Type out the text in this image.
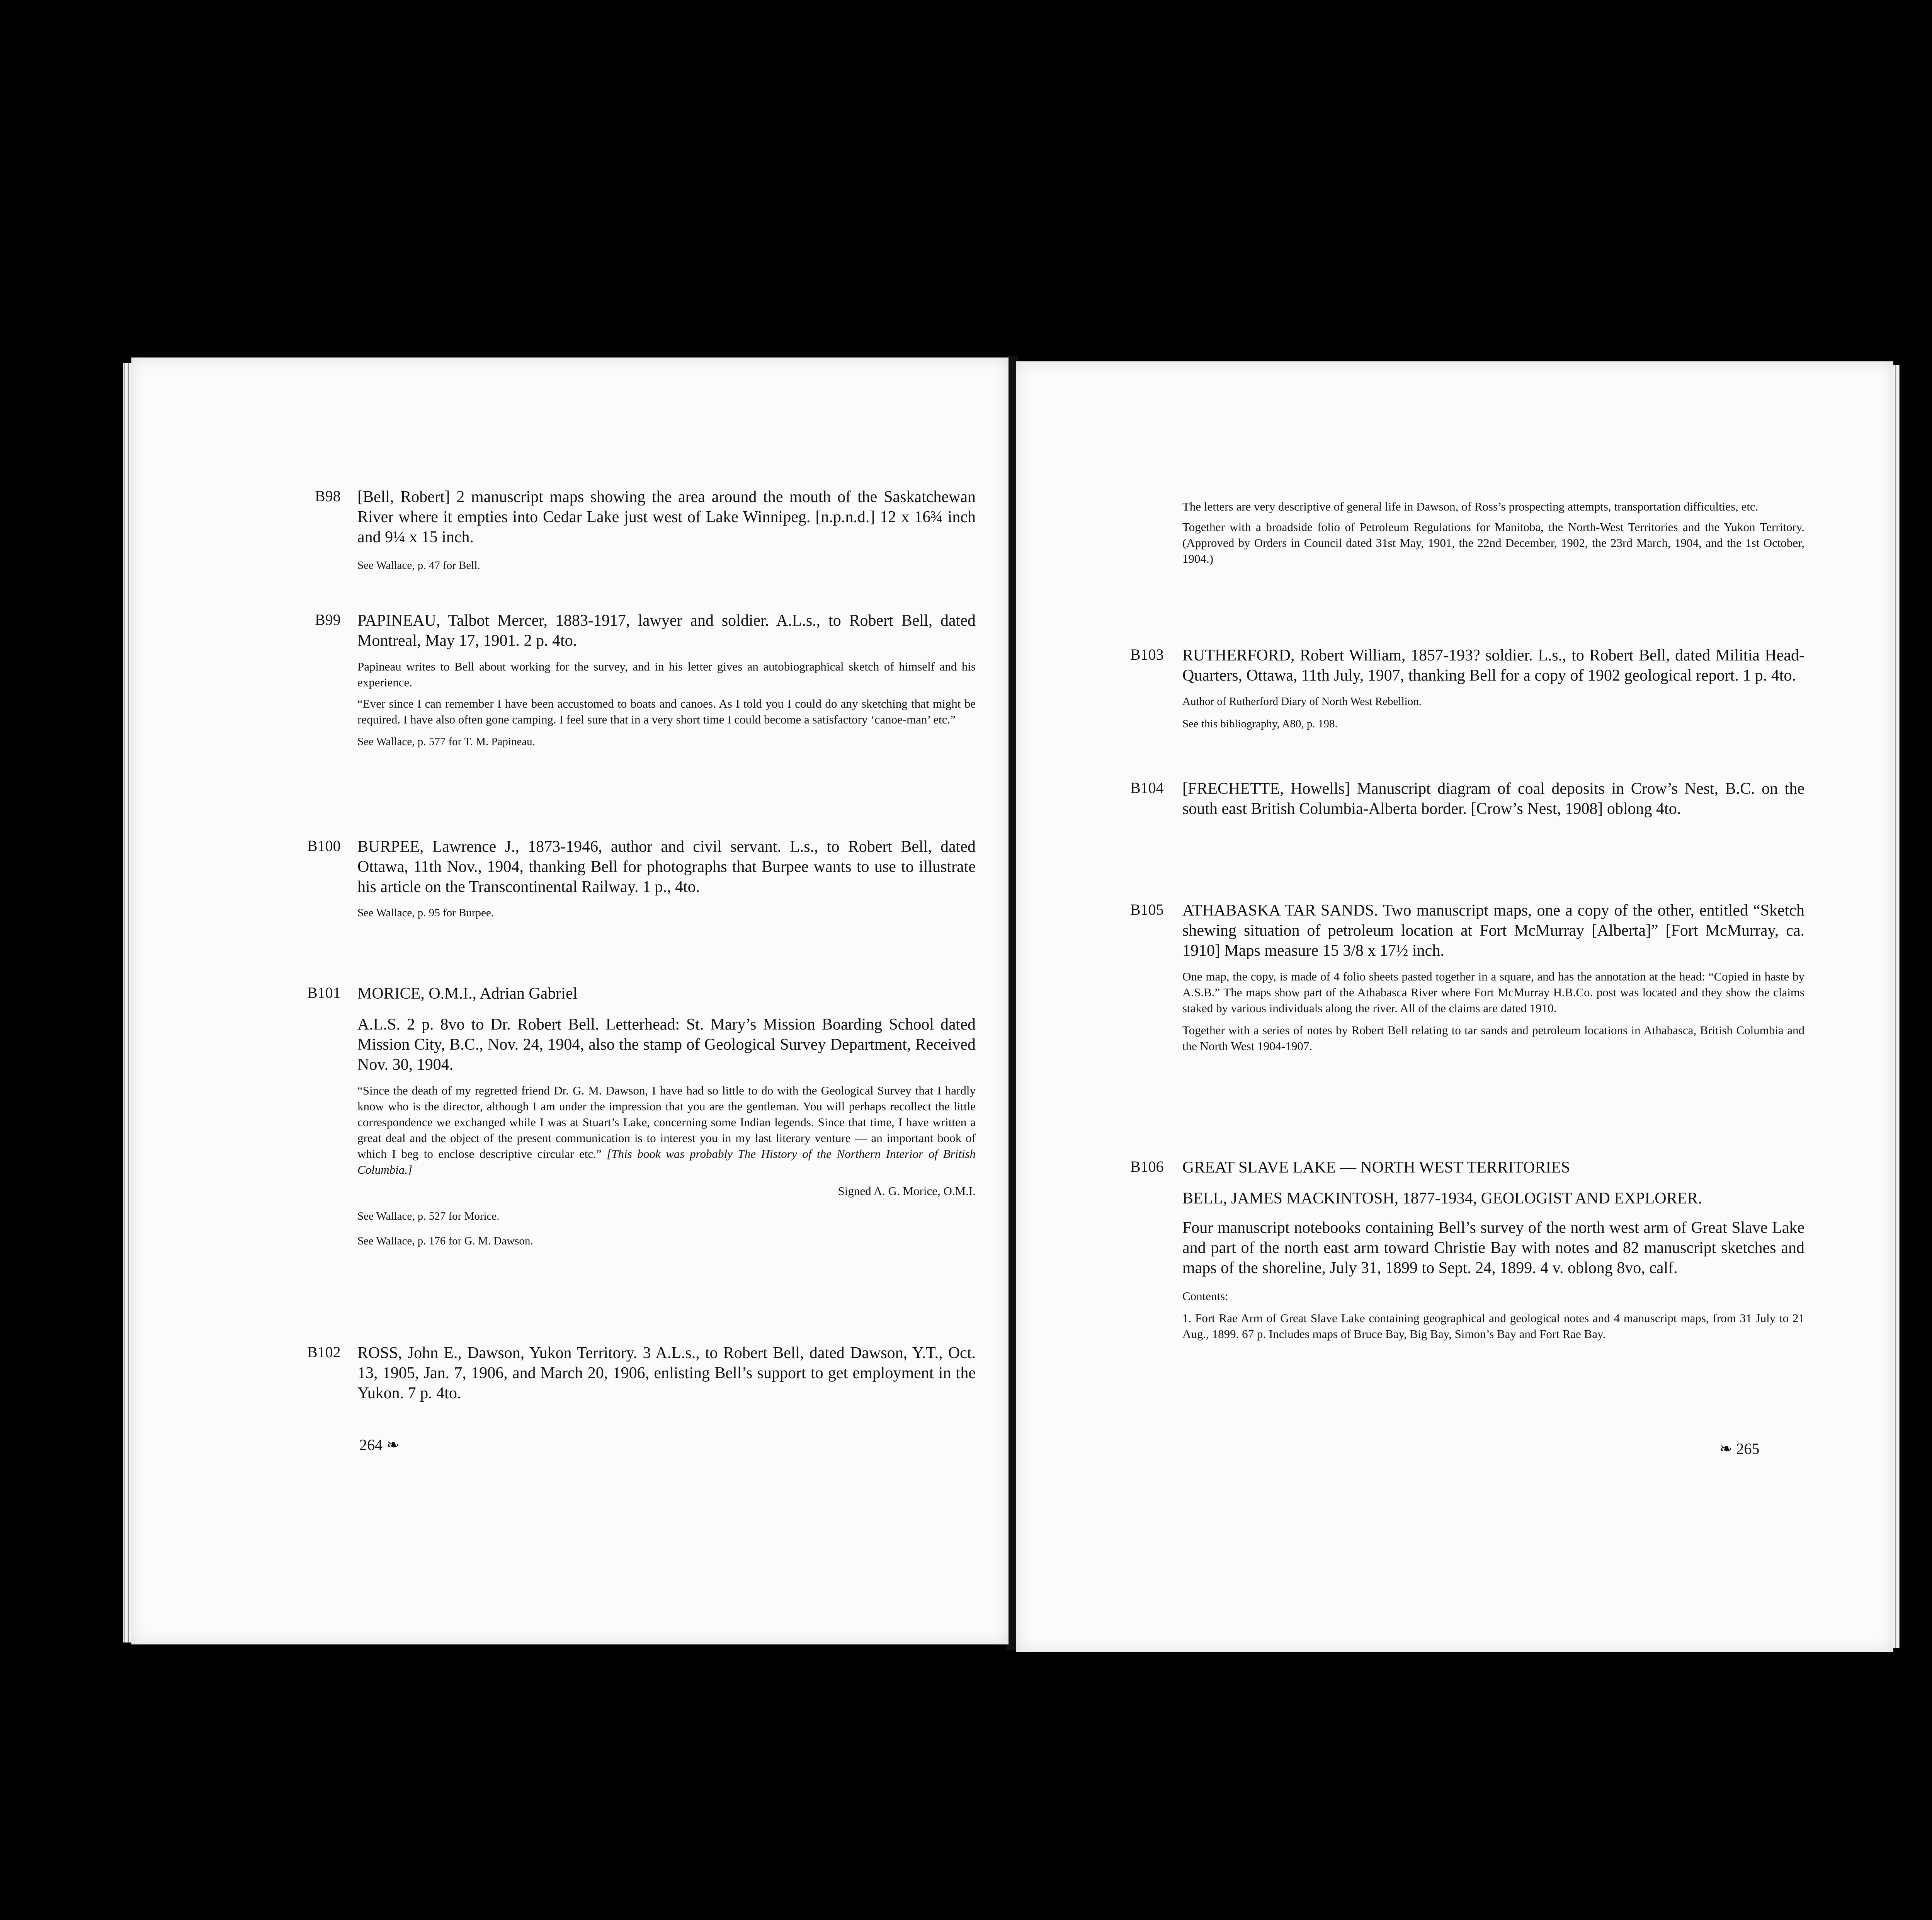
B98	[Bell, Robert] 2 manuscript maps showing the area around the mouth of the Saskatchewan River where it empties into Cedar Lake just west of Lake Winnipeg. [n.p.n.d.] 12 x 16¾ inch and 9¼ x 15 inch.

See Wallace, p. 47 for Bell.

B99	PAPINEAU, Talbot Mercer, 1883-1917, lawyer and soldier. A.L.s., to Robert Bell, dated Montreal, May 17, 1901. 2 p. 4to.

Papineau writes to Bell about working for the survey, and in his letter gives an autobiographical sketch of himself and his experience.

“Ever since I can remember I have been accustomed to boats and canoes. As I told you I could do any sketching that might be required. I have also often gone camping. I feel sure that in a very short time I could become a satisfactory ‘canoe-man’ etc.”

See Wallace, p. 577 for T. M. Papineau.

B100	BURPEE, Lawrence J., 1873-1946, author and civil servant. L.s., to Robert Bell, dated Ottawa, 11th Nov., 1904, thanking Bell for photographs that Burpee wants to use to illustrate his article on the Transcontinental Railway. 1 p., 4to.

See Wallace, p. 95 for Burpee.

B101	MORICE, O.M.I., Adrian Gabriel

A.L.S. 2 p. 8vo to Dr. Robert Bell. Letterhead: St. Mary’s Mission Boarding School dated Mission City, B.C., Nov. 24, 1904, also the stamp of Geological Survey Department, Received Nov. 30, 1904.

“Since the death of my regretted friend Dr. G. M. Dawson, I have had so little to do with the Geological Survey that I hardly know who is the director, although I am under the impression that you are the gentleman. You will perhaps recollect the little correspondence we exchanged while I was at Stuart’s Lake, concerning some Indian legends. Since that time, I have written a great deal and the object of the present communication is to interest you in my last literary venture — an important book of which I beg to enclose descriptive circular etc.” [This book was probably The History of the Northern Interior of British Columbia.]

Signed A. G. Morice, O.M.I.

See Wallace, p. 527 for Morice.

See Wallace, p. 176 for G. M. Dawson.

B102	ROSS, John E., Dawson, Yukon Territory. 3 A.L.s., to Robert Bell, dated Dawson, Y.T., Oct. 13, 1905, Jan. 7, 1906, and March 20, 1906, enlisting Bell’s support to get employment in the Yukon. 7 p. 4to.

264 ❧

The letters are very descriptive of general life in Dawson, of Ross’s prospecting attempts, transportation difficulties, etc.

Together with a broadside folio of Petroleum Regulations for Manitoba, the North-West Territories and the Yukon Territory. (Approved by Orders in Council dated 31st May, 1901, the 22nd December, 1902, the 23rd March, 1904, and the 1st October, 1904.)

B103	RUTHERFORD, Robert William, 1857-193? soldier. L.s., to Robert Bell, dated Militia Head-Quarters, Ottawa, 11th July, 1907, thanking Bell for a copy of 1902 geological report. 1 p. 4to.

Author of Rutherford Diary of North West Rebellion.

See this bibliography, A80, p. 198.

B104	[FRECHETTE, Howells] Manuscript diagram of coal deposits in Crow’s Nest, B.C. on the south east British Columbia-Alberta border. [Crow’s Nest, 1908] oblong 4to.

B105	ATHABASKA TAR SANDS. Two manuscript maps, one a copy of the other, entitled “Sketch shewing situation of petroleum location at Fort McMurray [Alberta]” [Fort McMurray, ca. 1910] Maps measure 15 3/8 x 17½ inch.

One map, the copy, is made of 4 folio sheets pasted together in a square, and has the annotation at the head: “Copied in haste by A.S.B.” The maps show part of the Athabasca River where Fort McMurray H.B.Co. post was located and they show the claims staked by various individuals along the river. All of the claims are dated 1910.

Together with a series of notes by Robert Bell relating to tar sands and petroleum locations in Athabasca, British Columbia and the North West 1904-1907.

B106	GREAT SLAVE LAKE — NORTH WEST TERRITORIES

BELL, JAMES MACKINTOSH, 1877-1934, GEOLOGIST AND EXPLORER.

Four manuscript notebooks containing Bell’s survey of the north west arm of Great Slave Lake and part of the north east arm toward Christie Bay with notes and 82 manuscript sketches and maps of the shoreline, July 31, 1899 to Sept. 24, 1899. 4 v. oblong 8vo, calf.

Contents:

1. Fort Rae Arm of Great Slave Lake containing geographical and geological notes and 4 manuscript maps, from 31 July to 21 Aug., 1899. 67 p. Includes maps of Bruce Bay, Big Bay, Simon’s Bay and Fort Rae Bay.

❧ 265
